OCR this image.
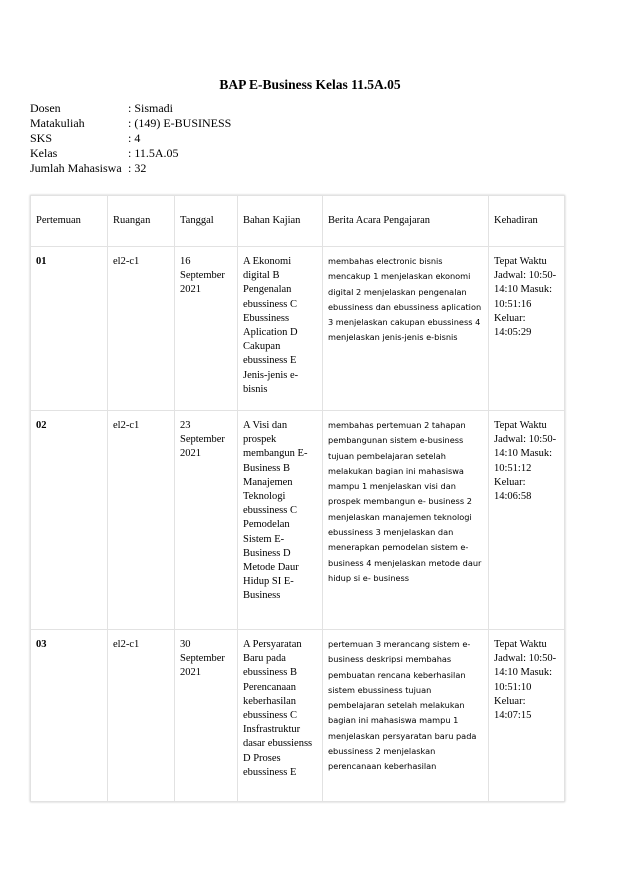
BAP E-Business Kelas 11.5A.05
Dosen	: Sismadi
Matakuliah	: (149) E-BUSINESS
SKS	: 4
Kelas	: 11.5A.05
Jumlah Mahasiswa : 32
Pertemuan	Ruangan	Tanggal	Bahan Kajian	Berita Acara Pengajaran	Kehadiran
01	el2-c1	16 September 2021	A Ekonomi digital B Pengenalan ebussiness C Ebussiness Aplication D Cakupan ebussiness E Jenis-jenis e-bisnis	membahas electronic bisnis mencakup 1 menjelaskan ekonomi digital 2 menjelaskan pengenalan ebussiness dan ebussiness aplication 3 menjelaskan cakupan ebussiness 4 menjelaskan jenis-jenis e-bisnis	Tepat Waktu Jadwal: 10:50-14:10 Masuk: 10:51:16 Keluar: 14:05:29
02	el2-c1	23 September 2021	A Visi dan prospek membangun E-Business B Manajemen Teknologi ebussiness C Pemodelan Sistem E-Business D Metode Daur Hidup SI E-Business	membahas pertemuan 2 tahapan pembangunan sistem e-business tujuan pembelajaran setelah melakukan bagian ini mahasiswa mampu 1 menjelaskan visi dan prospek membangun e- business 2 menjelaskan manajemen teknologi ebussiness 3 menjelaskan dan menerapkan pemodelan sistem e- business 4 menjelaskan metode daur hidup si e- business	Tepat Waktu Jadwal: 10:50-14:10 Masuk: 10:51:12 Keluar: 14:06:58
03	el2-c1	30 September 2021	A Persyaratan Baru pada ebussiness B Perencanaan keberhasilan ebussiness C Insfrastruktur dasar ebussienss D Proses ebussiness E	pertemuan 3 merancang sistem e-business deskripsi membahas pembuatan rencana keberhasilan sistem ebussiness tujuan pembelajaran setelah melakukan bagian ini mahasiswa mampu 1 menjelaskan persyaratan baru pada ebussiness 2 menjelaskan perencanaan keberhasilan	Tepat Waktu Jadwal: 10:50-14:10 Masuk: 10:51:10 Keluar: 14:07:15
